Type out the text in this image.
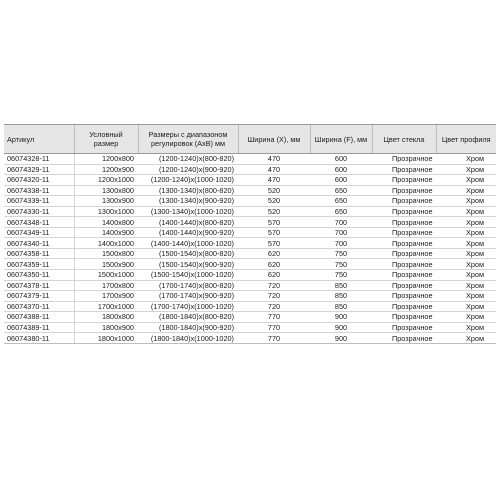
Артикул	Условный размер	Размеры с диапазоном регулировок (АхВ) мм	Ширина (X), мм	Ширина (F), мм	Цвет стекла	Цвет профиля
06074328-11	1200x800	(1200-1240)x(800-820)	470	600	Прозрачное	Хром
06074329-11	1200x900	(1200-1240)x(900-920)	470	600	Прозрачное	Хром
06074320-11	1200x1000	(1200-1240)x(1000-1020)	470	600	Прозрачное	Хром
06074338-11	1300x800	(1300-1340)x(800-820)	520	650	Прозрачное	Хром
06074339-11	1300x900	(1300-1340)x(900-920)	520	650	Прозрачное	Хром
06074330-11	1300x1000	(1300-1340)x(1000-1020)	520	650	Прозрачное	Хром
06074348-11	1400x800	(1400-1440)x(800-820)	570	700	Прозрачное	Хром
06074349-11	1400x900	(1400-1440)x(900-920)	570	700	Прозрачное	Хром
06074340-11	1400x1000	(1400-1440)x(1000-1020)	570	700	Прозрачное	Хром
06074358-11	1500x800	(1500-1540)x(800-820)	620	750	Прозрачное	Хром
06074359-11	1500x900	(1500-1540)x(900-920)	620	750	Прозрачное	Хром
06074350-11	1500x1000	(1500-1540)x(1000-1020)	620	750	Прозрачное	Хром
06074378-11	1700x800	(1700-1740)x(800-820)	720	850	Прозрачное	Хром
06074379-11	1700x900	(1700-1740)x(900-920)	720	850	Прозрачное	Хром
06074370-11	1700x1000	(1700-1740)x(1000-1020)	720	850	Прозрачное	Хром
06074388-11	1800x800	(1800-1840)x(800-820)	770	900	Прозрачное	Хром
06074389-11	1800x900	(1800-1840)x(900-920)	770	900	Прозрачное	Хром
06074380-11	1800x1000	(1800-1840)x(1000-1020)	770	900	Прозрачное	Хром
